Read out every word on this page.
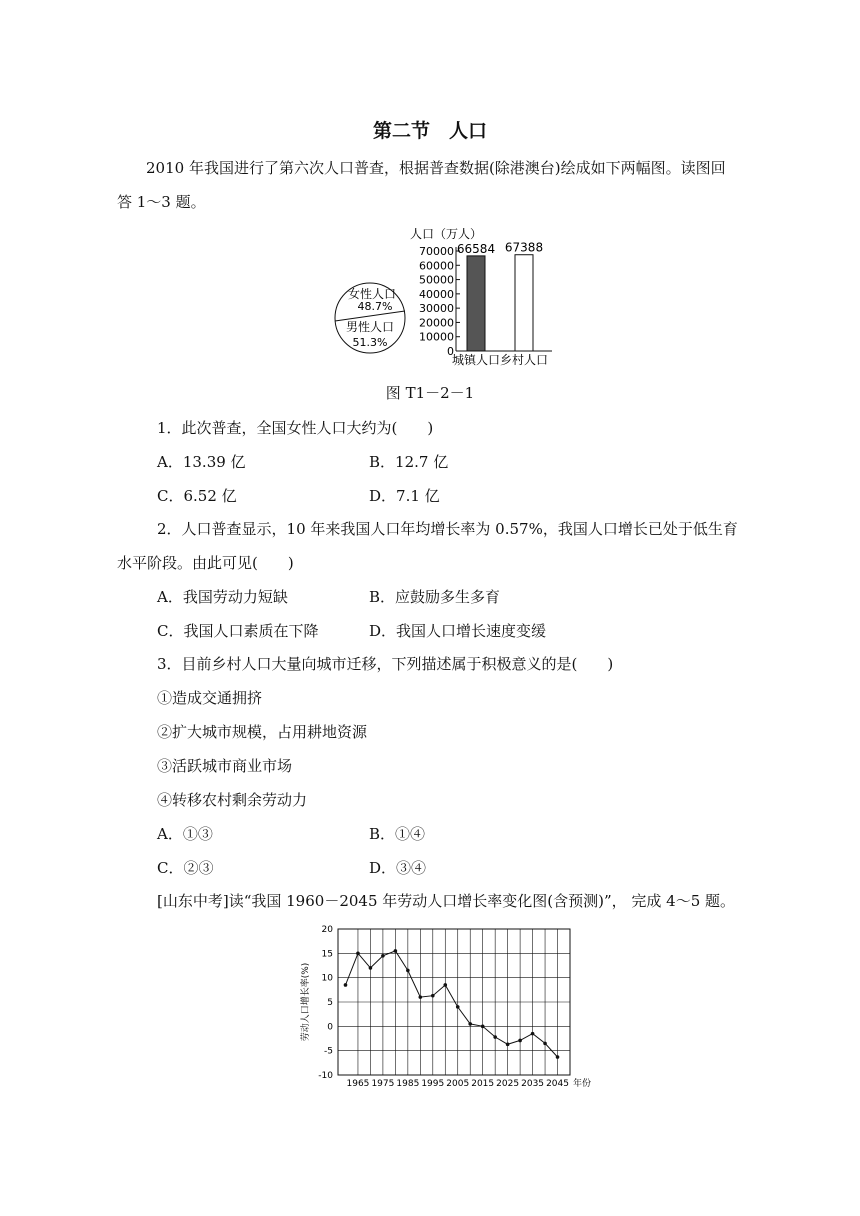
第二节　人口
2010 年我国进行了第六次人口普查，根据普查数据(除港澳台)绘成如下两幅图。读图回
答 1～3 题。
女性人口
48.7%
男性人口
51.3%
人口（万人）
70000
60000
50000
40000
30000
20000
10000
0
66584
城镇人口
67388
乡村人口
图 T1－2－1
1．此次普查，全国女性人口大约为(　　)
A．13.39 亿	B．12.7 亿
C．6.52 亿	D．7.1 亿
2．人口普查显示，10 年来我国人口年均增长率为 0.57%，我国人口增长已处于低生育
水平阶段。由此可见(　　)
A．我国劳动力短缺	B．应鼓励多生多育
C．我国人口素质在下降	D．我国人口增长速度变缓
3．目前乡村人口大量向城市迁移，下列描述属于积极意义的是(　　)
①造成交通拥挤
②扩大城市规模，占用耕地资源
③活跃城市商业市场
④转移农村剩余劳动力
A．①③	B．①④
C．②③	D．③④
[山东中考]读“我国 1960－2045 年劳动人口增长率变化图(含预测)”， 完成 4～5 题。
20
15
10
5
0
-5
-10
1965 1975 1985 1995 2005 2015 2025 2035 2045 年份
劳动人口增长率(%)
